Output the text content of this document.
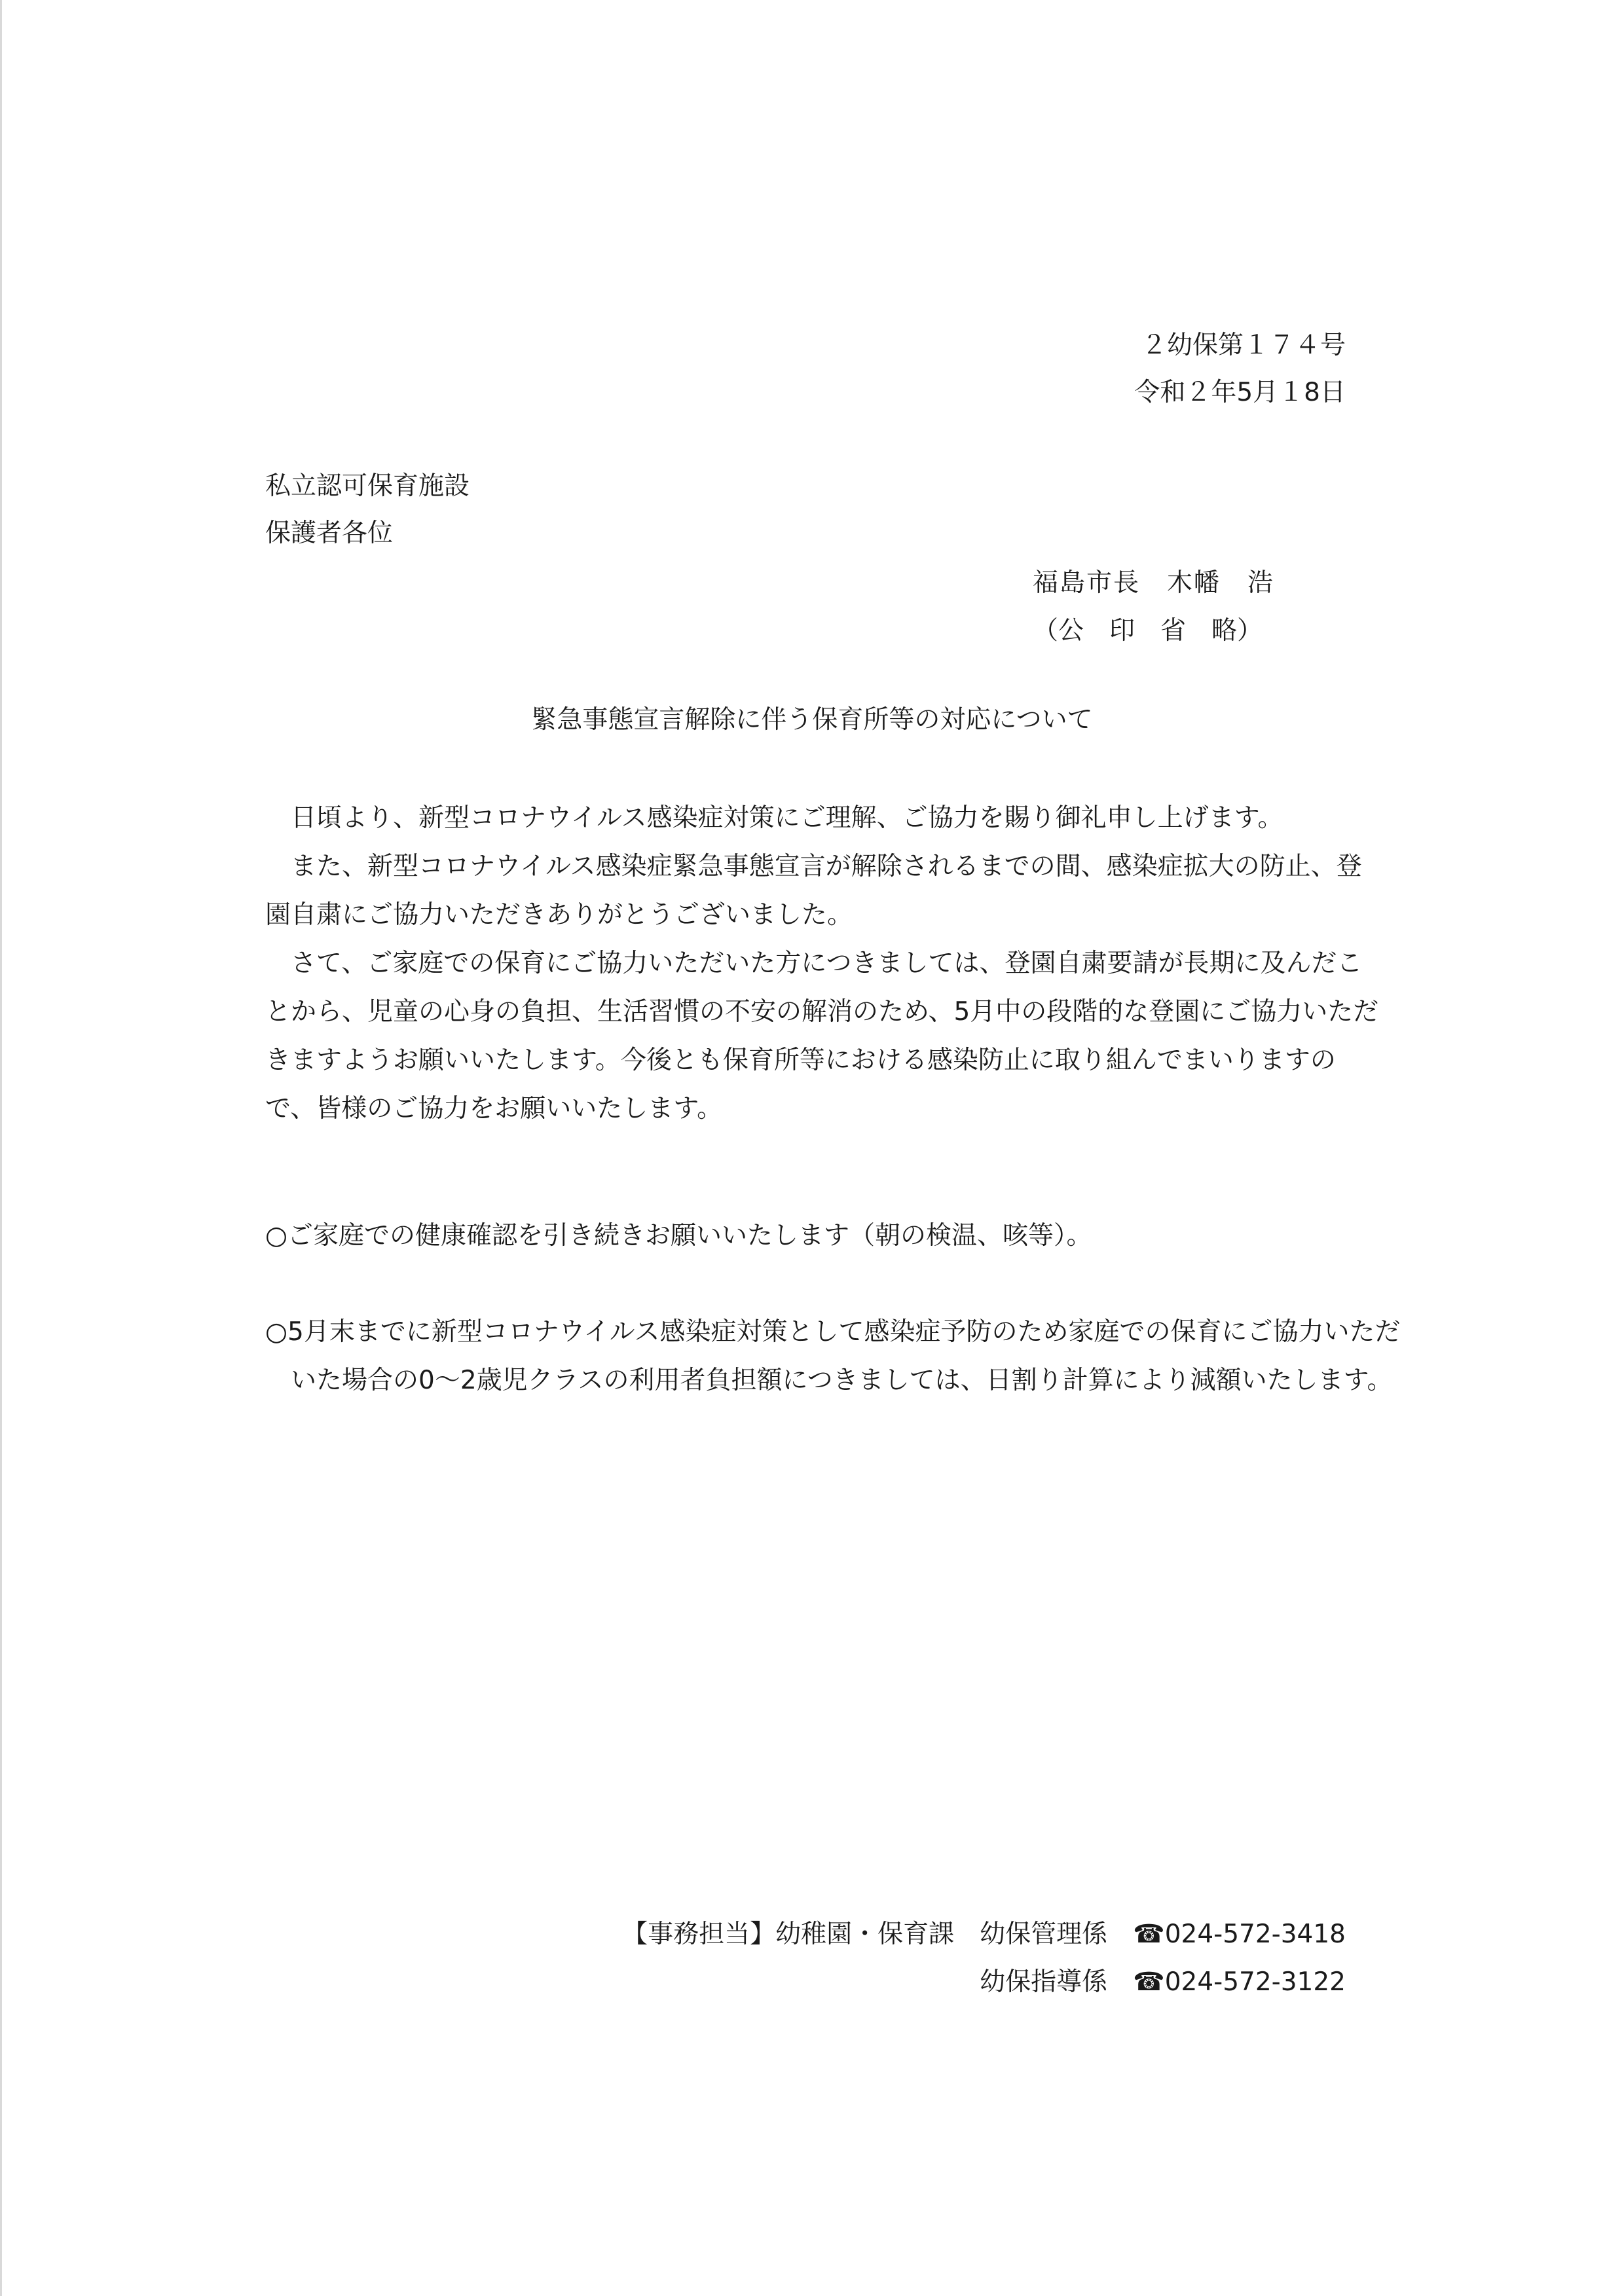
２幼保第１７４号
令和２年5月１8日
私立認可保育施設
保護者各位
福島市長　木幡　浩
（公　印　省　略）
緊急事態宣言解除に伴う保育所等の対応について

日頃より、新型コロナウイルス感染症対策にご理解、ご協力を賜り御礼申し上げます。

また、新型コロナウイルス感染症緊急事態宣言が解除されるまでの間、感染症拡大の防止、登園自粛にご協力いただきありがとうございました。

さて、ご家庭での保育にご協力いただいた方につきましては、登園自粛要請が長期に及んだことから、児童の心身の負担、生活習慣の不安の解消のため、5月中の段階的な登園にご協力いただきますようお願いいたします。今後とも保育所等における感染防止に取り組んでまいりますので、皆様のご協力をお願いいたします。

○ご家庭での健康確認を引き続きお願いいたします（朝の検温、咳等）。
○5月末までに新型コロナウイルス感染症対策として感染症予防のため家庭での保育にご協力いただいた場合の0～2歳児クラスの利用者負担額につきましては、日割り計算により減額いたします。
【事務担当】幼稚園・保育課　幼保管理係　☎024-572-3418
幼保指導係　☎024-572-3122
